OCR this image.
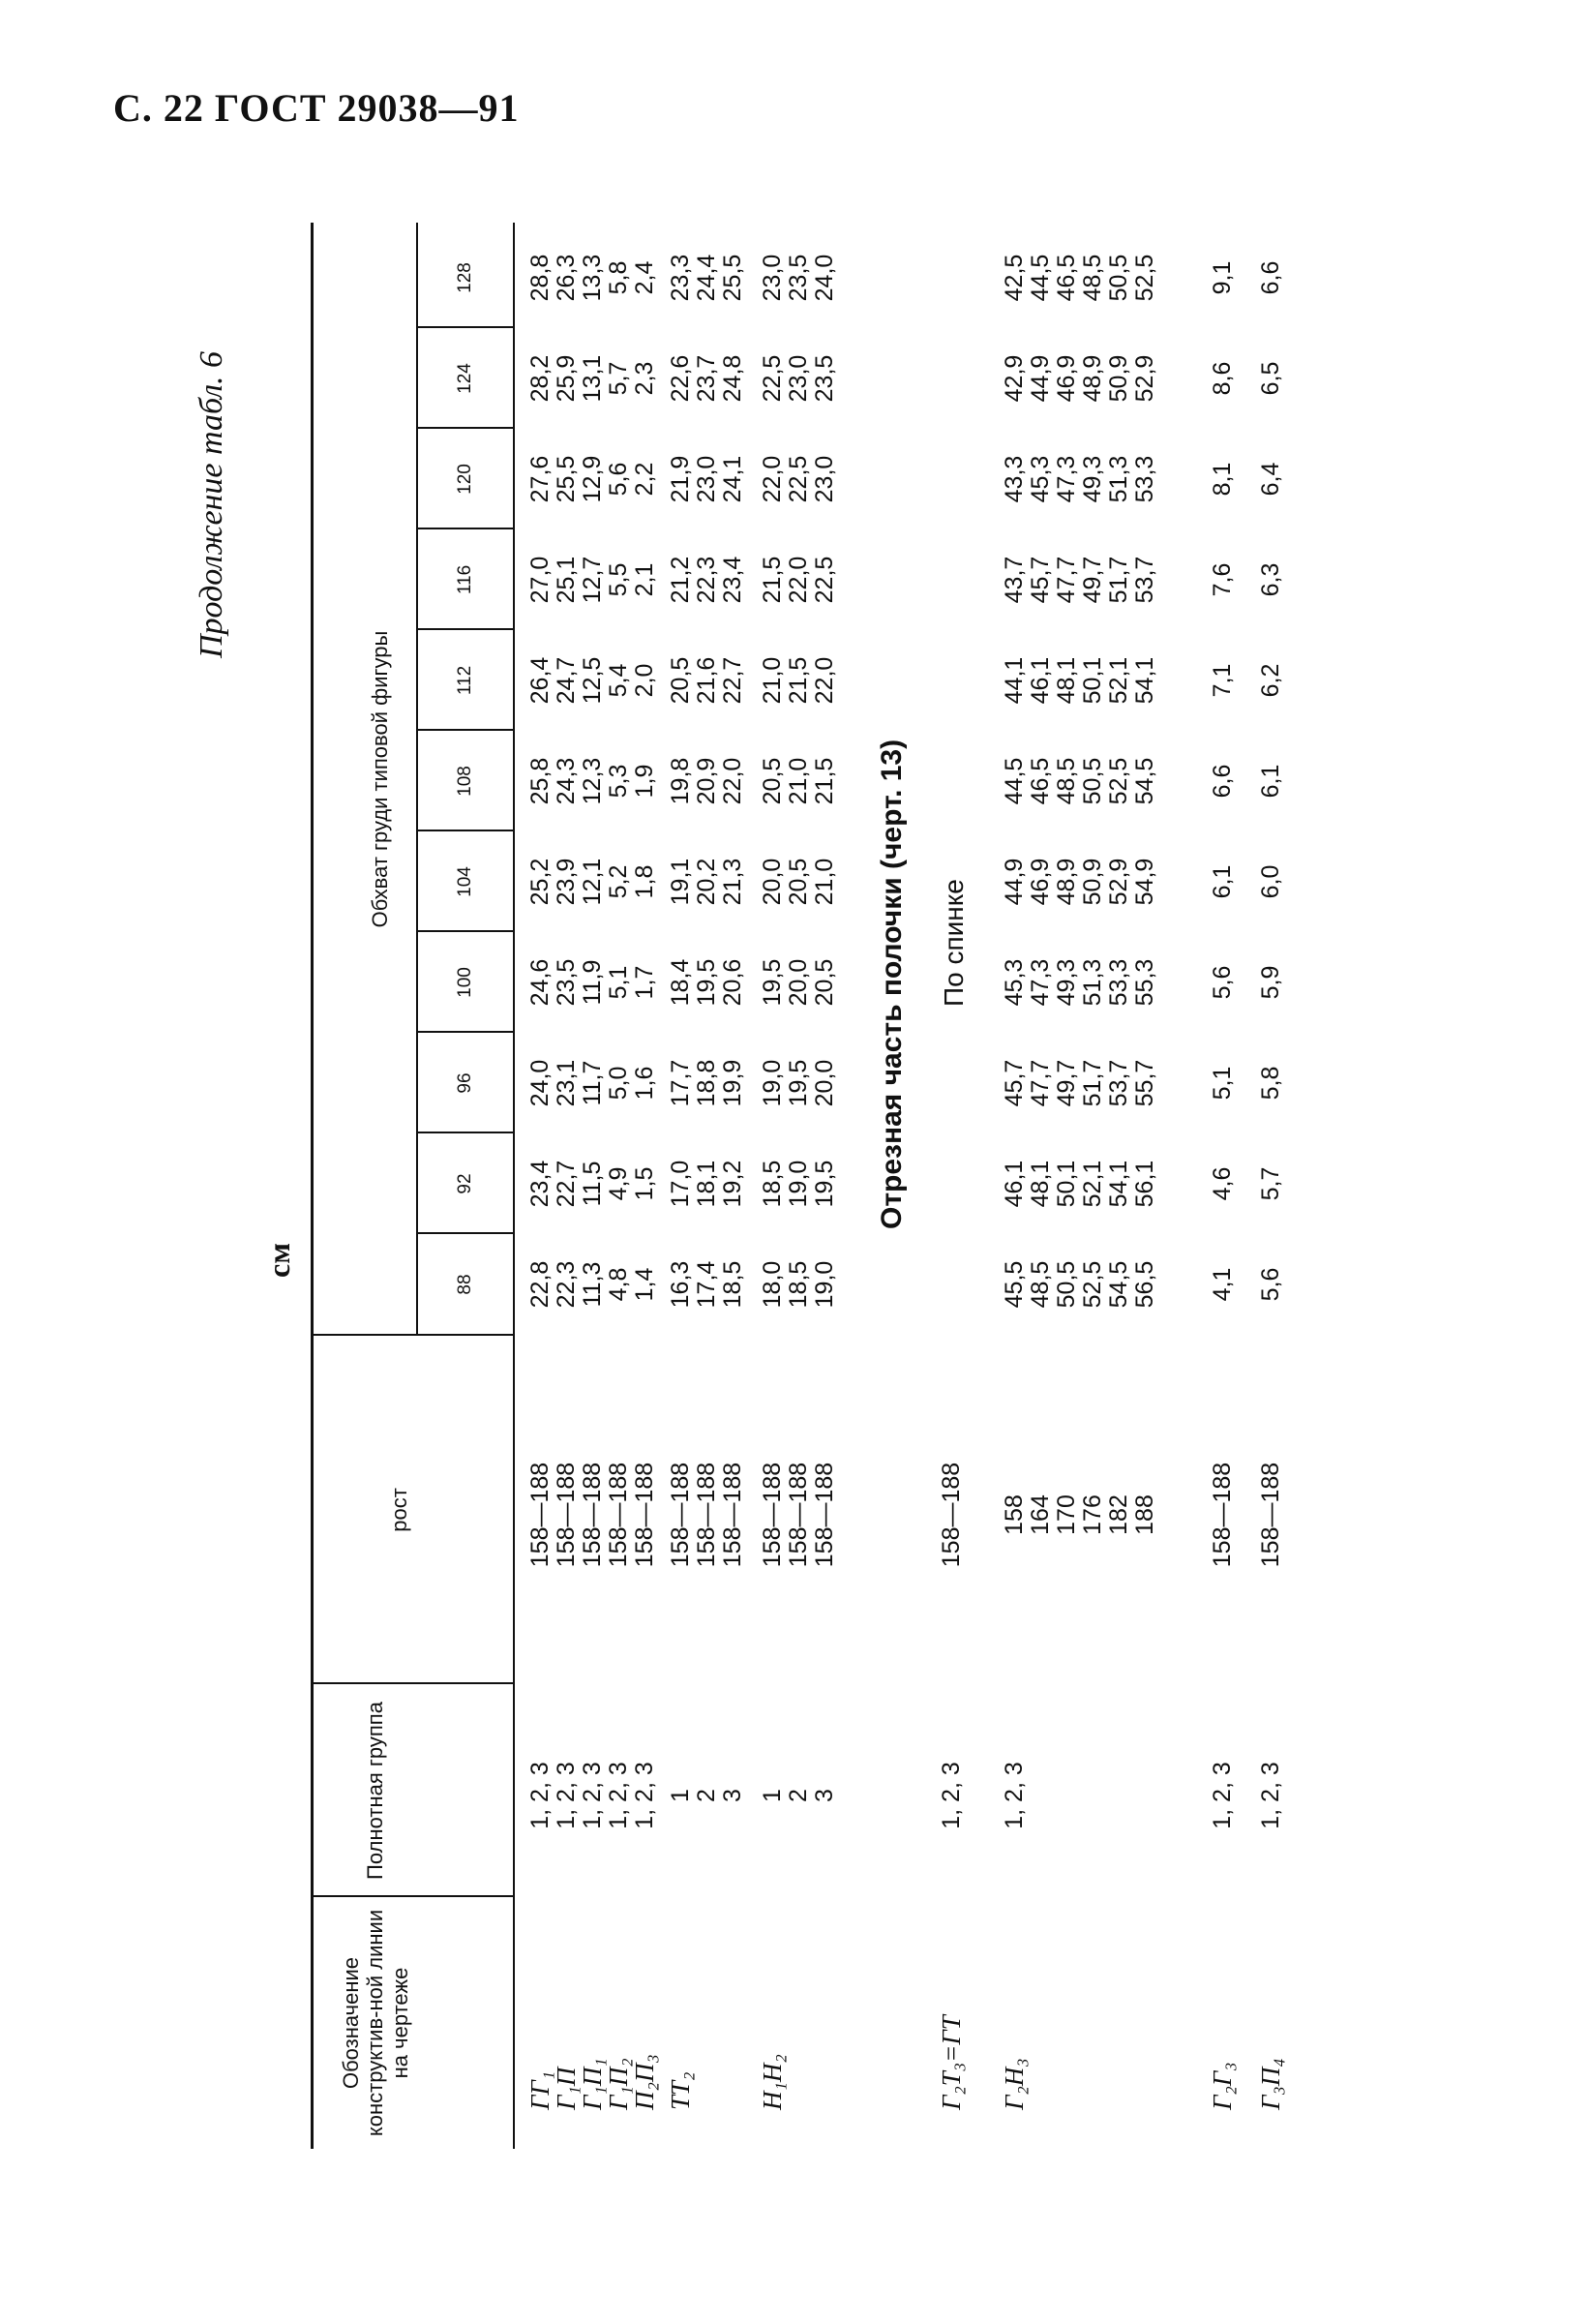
С. 22 ГОСТ 29038—91
Продолжение табл. 6
см
Обозначение конструктив-ной линии на чертеже
Полнотная группа
рост
Обхват груди типовой фигуры
88
92
96
100
104
108
112
116
120
124
128
ГГ₁
Г₁П
Г₁П₁
Г₁П₂
П₂П₃
1, 2, 3
1, 2, 3
1, 2, 3
1, 2, 3
1, 2, 3
158—188
158—188
158—188
158—188
158—188
22,8
22,3
11,3
4,8
1,4
23,4
22,7
11,5
4,9
1,5
24,0
23,1
11,7
5,0
1,6
24,6
23,5
11,9
5,1
1,7
25,2
23,9
12,1
5,2
1,8
25,8
24,3
12,3
5,3
1,9
26,4
24,7
12,5
5,4
2,0
27,0
25,1
12,7
5,5
2,1
27,6
25,5
12,9
5,6
2,2
28,2
25,9
13,1
5,7
2,3
28,8
26,3
13,3
5,8
2,4
ТТ₂
1
2
3
158—188
158—188
158—188
16,3
17,4
18,5
17,0
18,1
19,2
17,7
18,8
19,9
18,4
19,5
20,6
19,1
20,2
21,3
19,8
20,9
22,0
20,5
21,6
22,7
21,2
22,3
23,4
21,9
23,0
24,1
22,6
23,7
24,8
23,3
24,4
25,5
Н₁Н₂
1
2
3
158—188
158—188
158—188
18,0
18,5
19,0
18,5
19,0
19,5
19,0
19,5
20,0
19,5
20,0
20,5
20,0
20,5
21,0
20,5
21,0
21,5
21,0
21,5
22,0
21,5
22,0
22,5
22,0
22,5
23,0
22,5
23,0
23,5
23,0
23,5
24,0
Г₂Т₃=ГТ
1, 2, 3
158—188
Г₂Н₃
1, 2, 3
158
164
170
176
182
188
45,5
48,5
50,5
52,5
54,5
56,5
46,1
48,1
50,1
52,1
54,1
56,1
45,7
47,7
49,7
51,7
53,7
55,7
45,3
47,3
49,3
51,3
53,3
55,3
44,9
46,9
48,9
50,9
52,9
54,9
44,5
46,5
48,5
50,5
52,5
54,5
44,1
46,1
48,1
50,1
52,1
54,1
43,7
45,7
47,7
49,7
51,7
53,7
43,3
45,3
47,3
49,3
51,3
53,3
42,9
44,9
46,9
48,9
50,9
52,9
42,5
44,5
46,5
48,5
50,5
52,5
Г₂Г₃
1, 2, 3
158—188
4,1
4,6
5,1
5,6
6,1
6,6
7,1
7,6
8,1
8,6
9,1
Г₃П₄
1, 2, 3
158—188
5,6
5,7
5,8
5,9
6,0
6,1
6,2
6,3
6,4
6,5
6,6
Отрезная часть полочки (черт. 13) По спинке
